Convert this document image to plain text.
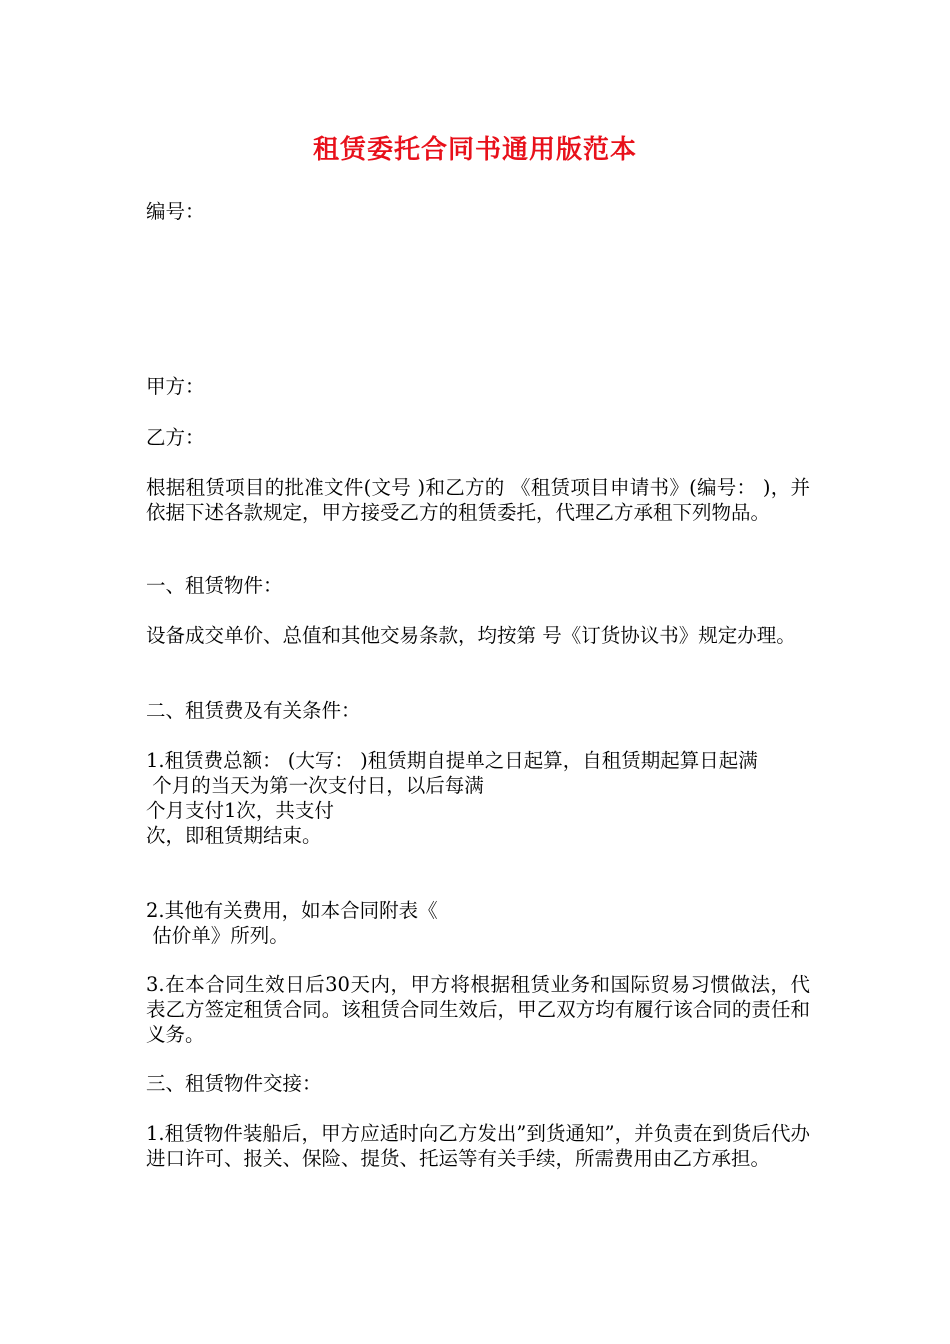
租赁委托合同书通用版范本

编号：

甲方：

乙方：

根据租赁项目的批准文件(文号 )和乙方的 《租赁项目申请书》(编号： )，并依据下述各款规定，甲方接受乙方的租赁委托，代理乙方承租下列物品。

一、租赁物件：

设备成交单价、总值和其他交易条款，均按第 号《订货协议书》规定办理。

二、租赁费及有关条件：

1.租赁费总额： (大写： )租赁期自提单之日起算，自租赁期起算日起满
个月的当天为第一次支付日，以后每满
个月支付1次，共支付
次，即租赁期结束。

2.其他有关费用，如本合同附表《
估价单》所列。

3.在本合同生效日后30天内，甲方将根据租赁业务和国际贸易习惯做法，代表乙方签定租赁合同。该租赁合同生效后，甲乙双方均有履行该合同的责任和义务。

三、租赁物件交接：

1.租赁物件装船后，甲方应适时向乙方发出”到货通知”，并负责在到货后代办进口许可、报关、保险、提货、托运等有关手续，所需费用由乙方承担。
